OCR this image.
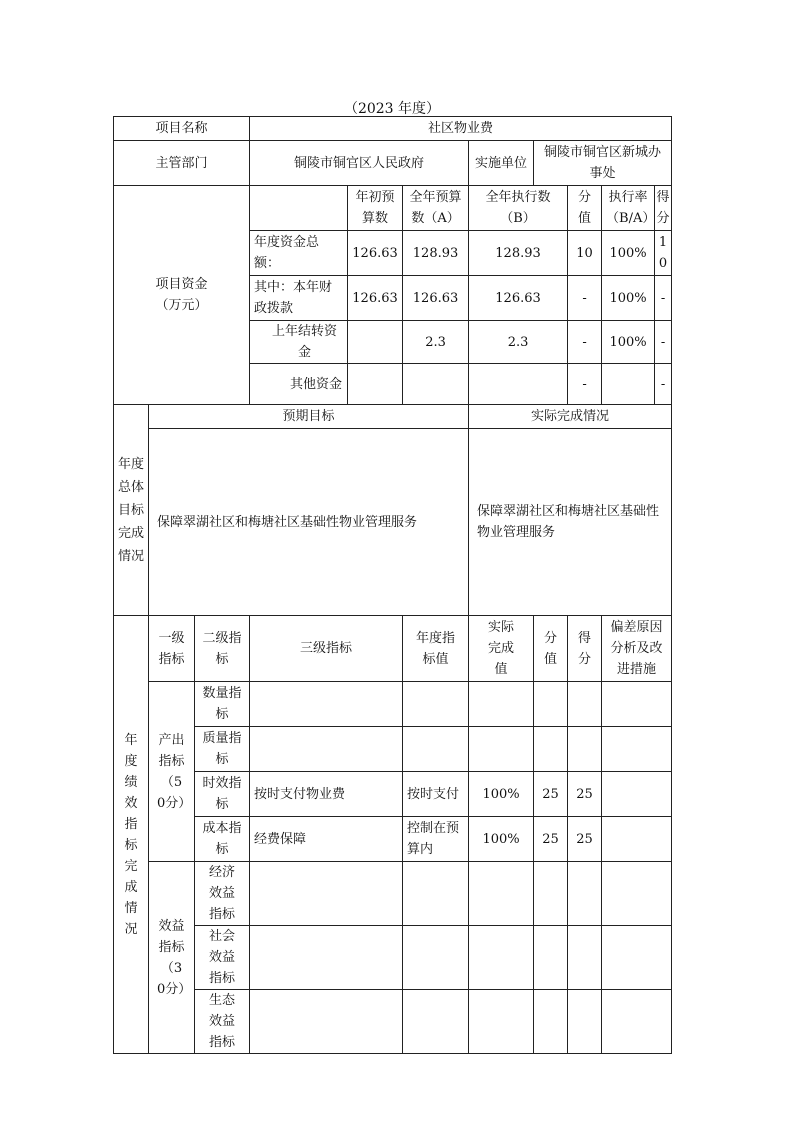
（2023 年度）
项目名称			社区物业费							
主管部门			铜陵市铜官区人民政府			实施单位	铜陵市铜官区新城办事处			
项目资金（万元）				年初预算数	全年预算数（A）	全年执行数（B）		分值	执行率（B/A）	得分
			年度资金总额：	126.63	128.93	128.93		10	100%	10
			其中：本年财政拨款	126.63	126.63	126.63		-	100%	-
			上年结转资金		2.3	2.3		-	100%	-
			其他资金					-		-
年度总体目标完成情况	预期目标					实际完成情况				
	保障翠湖社区和梅塘社区基础性物业管理服务					保障翠湖社区和梅塘社区基础性物业管理服务				
年度绩效指标完成情况	一级指标	二级指标	三级指标		年度指标值	实际完成值	分值	得分	偏差原因分析及改进措施	
	产出指标（50分）	数量指标								
		质量指标								
		时效指标	按时支付物业费		按时支付	100%	25	25		
		成本指标	经费保障		控制在预算内	100%	25	25		
	效益指标（30分）	经济效益指标								
		社会效益指标								
		生态效益指标								
